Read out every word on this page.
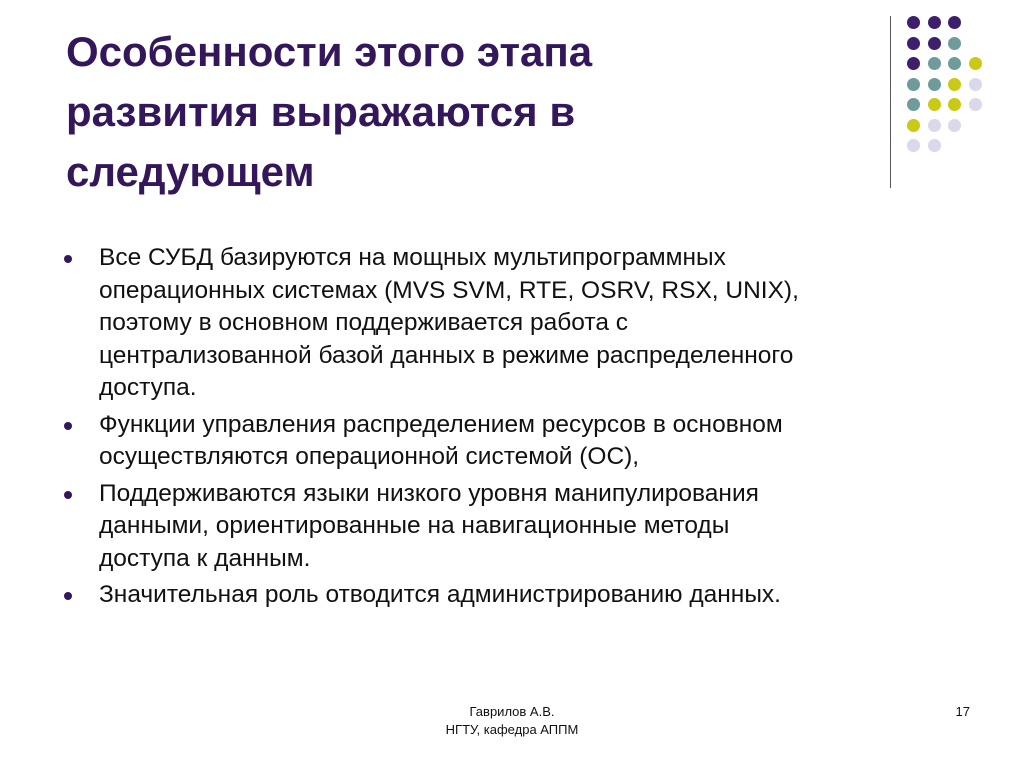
Особенности этого этапа
развития выражаются в
следующем
Все СУБД базируются на мощных мультипрограммных
операционных системах (MVS SVM, RTE, OSRV, RSX, UNIX),
поэтому в основном поддерживается работа с
централизованной базой данных в режиме распределенного
доступа.
Функции управления распределением ресурсов в основном
осуществляются операционной системой (ОС),
Поддерживаются языки низкого уровня манипулирования
данными, ориентированные на навигационные методы
доступа к данным.
Значительная роль отводится администрированию данных.
Гаврилов А.В.
НГТУ, кафедра АППМ
17
